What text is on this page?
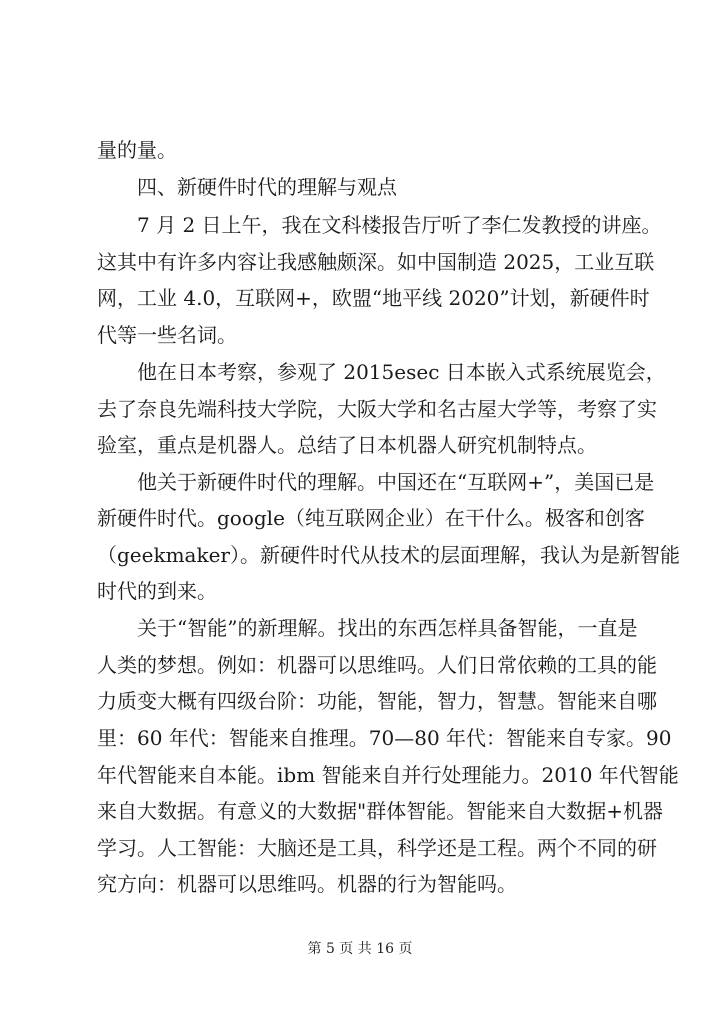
量的量。
四、新硬件时代的理解与观点
7 月 2 日上午，我在文科楼报告厅听了李仁发教授的讲座。
这其中有许多内容让我感触颇深。如中国制造 2025，工业互联
网，工业 4.0，互联网+，欧盟“地平线 2020”计划，新硬件时
代等一些名词。
他在日本考察，参观了 2015esec 日本嵌入式系统展览会，
去了奈良先端科技大学院，大阪大学和名古屋大学等，考察了实
验室，重点是机器人。总结了日本机器人研究机制特点。
他关于新硬件时代的理解。中国还在“互联网+”，美国已是
新硬件时代。google（纯互联网企业）在干什么。极客和创客
（geekmaker）。新硬件时代从技术的层面理解，我认为是新智能
时代的到来。
关于“智能”的新理解。找出的东西怎样具备智能，一直是
人类的梦想。例如：机器可以思维吗。人们日常依赖的工具的能
力质变大概有四级台阶：功能，智能，智力，智慧。智能来自哪
里：60 年代：智能来自推理。70—80 年代：智能来自专家。90
年代智能来自本能。ibm 智能来自并行处理能力。2010 年代智能
来自大数据。有意义的大数据"群体智能。智能来自大数据+机器
学习。人工智能：大脑还是工具，科学还是工程。两个不同的研
究方向：机器可以思维吗。机器的行为智能吗。
第 5 页 共 16 页
